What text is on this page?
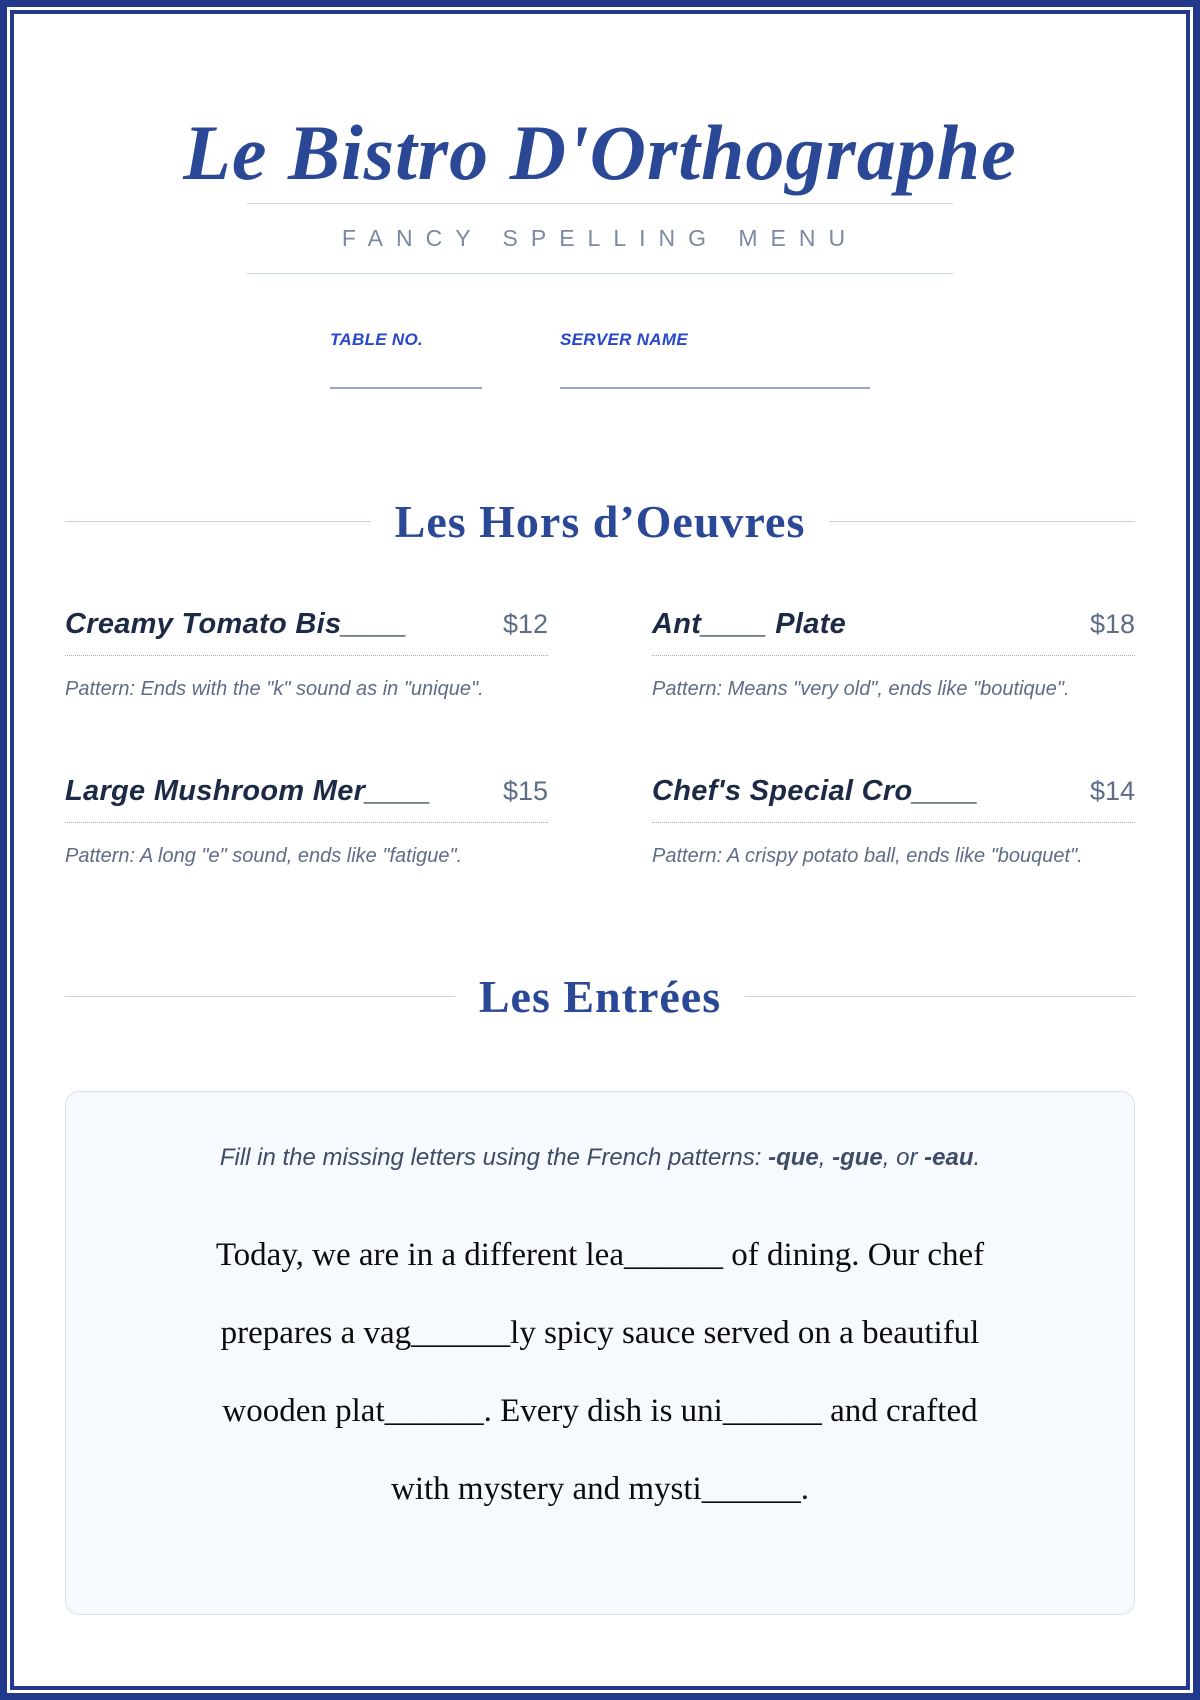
Le Bistro D'Orthographe
FANCY SPELLING MENU
TABLE NO.	SERVER NAME
Les Hors d’Oeuvres
Creamy Tomato Bis____	$12
Pattern: Ends with the "k" sound as in "unique".
Ant____ Plate	$18
Pattern: Means "very old", ends like "boutique".
Large Mushroom Mer____	$15
Pattern: A long "e" sound, ends like "fatigue".
Chef's Special Cro____	$14
Pattern: A crispy potato ball, ends like "bouquet".
Les Entrées
Fill in the missing letters using the French patterns: -que, -gue, or -eau.
Today, we are in a different lea______ of dining. Our chef
prepares a vag______ly spicy sauce served on a beautiful
wooden plat______. Every dish is uni______ and crafted
with mystery and mysti______.
